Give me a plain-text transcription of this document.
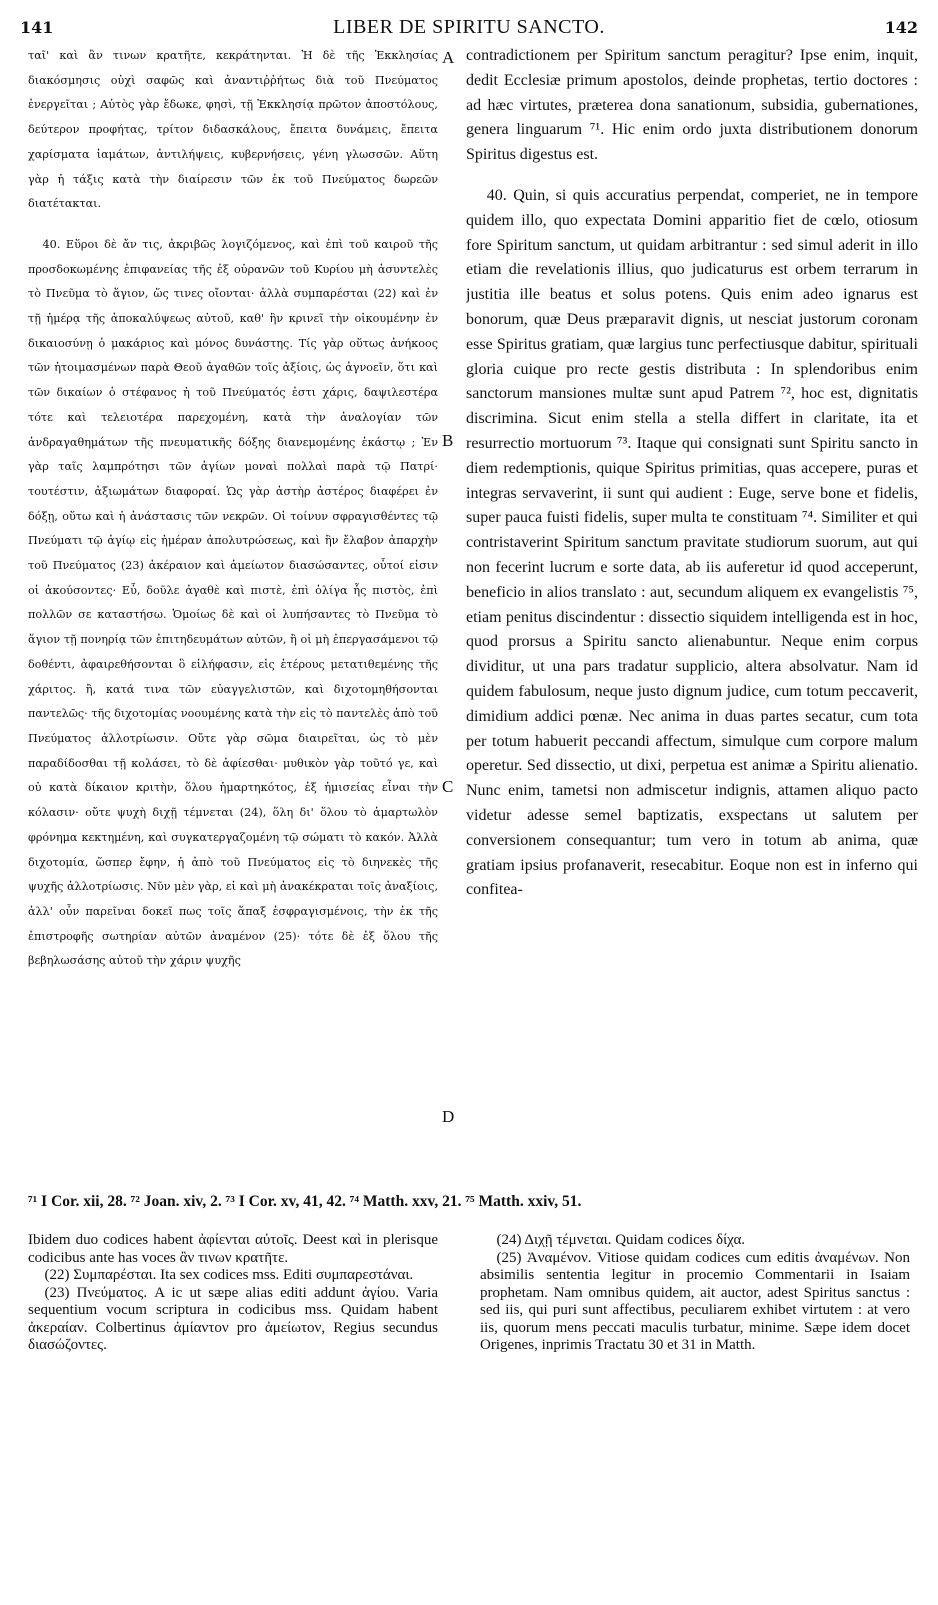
141	LIBER DE SPIRITU SANCTO.	142

ταῖ' καὶ ἂν τινων κρατῆτε, κεκράτηνται. Ἡ δὲ τῆς Ἐκκλησίας διακόσμησις οὐχὶ σαφῶς καὶ ἀναντιῤῥήτως διὰ τοῦ Πνεύματος ἐνεργεῖται ; Αὐτὸς γὰρ ἔδωκε, φησὶ, τῇ Ἐκκλησίᾳ πρῶτον ἀποστόλους, δεύτερον προφήτας, τρίτον διδασκάλους, ἔπειτα δυνάμεις, ἔπειτα χαρίσματα ἰαμάτων, ἀντιλήψεις, κυβερνήσεις, γένη γλωσσῶν. Αὕτη γὰρ ἡ τάξις κατὰ τὴν διαίρεσιν τῶν ἐκ τοῦ Πνεύματος δωρεῶν διατέτακται.

40. Εὕροι δὲ ἄν τις, ἀκριβῶς λογιζόμενος, καὶ ἐπὶ τοῦ καιροῦ τῆς προσδοκωμένης ἐπιφανείας τῆς ἐξ οὐρανῶν τοῦ Κυρίου μὴ ἀσυντελὲς τὸ Πνεῦμα τὸ ἅγιον, ὥς τινες οἴονται· ἀλλὰ συμπαρέσται (22) καὶ ἐν τῇ ἡμέρᾳ τῆς ἀποκαλύψεως αὐτοῦ, καθ' ἣν κρινεῖ τὴν οἰκουμένην ἐν δικαιοσύνῃ ὁ μακάριος καὶ μόνος δυνάστης. Τίς γὰρ οὕτως ἀνήκοος τῶν ἡτοιμασμένων παρὰ Θεοῦ ἀγαθῶν τοῖς ἀξίοις, ὡς ἀγνοεῖν, ὅτι καὶ τῶν δικαίων ὁ στέφανος ἡ τοῦ Πνεύματός ἐστι χάρις, δαψιλεστέρα τότε καὶ τελειοτέρα παρεχομένη, κατὰ τὴν ἀναλογίαν τῶν ἀνδραγαθημάτων τῆς πνευματικῆς δόξης διανεμομένης ἑκάστῳ ; Ἐν γὰρ ταῖς λαμπρότησι τῶν ἁγίων μοναὶ πολλαὶ παρὰ τῷ Πατρί· τουτέστιν, ἀξιωμάτων διαφοραί. Ὡς γὰρ ἀστὴρ ἀστέρος διαφέρει ἐν δόξῃ, οὕτω καὶ ἡ ἀνάστασις τῶν νεκρῶν. Οἱ τοίνυν σφραγισθέντες τῷ Πνεύματι τῷ ἁγίῳ εἰς ἡμέραν ἀπολυτρώσεως, καὶ ἣν ἔλαβον ἀπαρχὴν τοῦ Πνεύματος (23) ἀκέραιον καὶ ἀμείωτον διασώσαντες, οὗτοί εἰσιν οἱ ἀκούσοντες· Εὖ, δοῦλε ἀγαθὲ καὶ πιστὲ, ἐπὶ ὀλίγα ἧς πιστὸς, ἐπὶ πολλῶν σε καταστήσω. Ὁμοίως δὲ καὶ οἱ λυπήσαντες τὸ Πνεῦμα τὸ ἅγιον τῇ πονηρίᾳ τῶν ἐπιτηδευμάτων αὐτῶν, ἢ οἱ μὴ ἐπεργασάμενοι τῷ δοθέντι, ἀφαιρεθήσονται ὃ εἰλήφασιν, εἰς ἑτέρους μετατιθεμένης τῆς χάριτος. ἢ, κατά τινα τῶν εὐαγγελιστῶν, καὶ διχοτομηθήσονται παντελῶς· τῆς διχοτομίας νοουμένης κατὰ τὴν εἰς τὸ παντελὲς ἀπὸ τοῦ Πνεύματος ἀλλοτρίωσιν. Οὔτε γὰρ σῶμα διαιρεῖται, ὡς τὸ μὲν παραδίδοσθαι τῇ κολάσει, τὸ δὲ ἀφίεσθαι· μυθικὸν γὰρ τοῦτό γε, καὶ οὐ κατὰ δίκαιον κριτὴν, ὅλου ἡμαρτηκότος, ἐξ ἡμισείας εἶναι τὴν κόλασιν· οὔτε ψυχὴ διχῇ τέμνεται (24), ὅλη δι' ὅλου τὸ ἁμαρτωλὸν φρόνημα κεκτημένη, καὶ συγκατεργαζομένη τῷ σώματι τὸ κακόν. Ἀλλὰ διχοτομία, ὥσπερ ἔφην, ἡ ἀπὸ τοῦ Πνεύματος εἰς τὸ διηνεκὲς τῆς ψυχῆς ἀλλοτρίωσις. Νῦν μὲν γὰρ, εἰ καὶ μὴ ἀνακέκραται τοῖς ἀναξίοις, ἀλλ' οὖν παρεῖναι δοκεῖ πως τοῖς ἅπαξ ἐσφραγισμένοις, τὴν ἐκ τῆς ἐπιστροφῆς σωτηρίαν αὐτῶν ἀναμένον (25)· τότε δὲ ἐξ ὅλου τῆς βεβηλωσάσης αὐτοῦ τὴν χάριν ψυχῆς

A
B
C
D

contradictionem per Spiritum sanctum peragitur? Ipse enim, inquit, dedit Ecclesiæ primum apostolos, deinde prophetas, tertio doctores : ad hæc virtutes, præterea dona sanationum, subsidia, gubernationes, genera linguarum ⁷¹. Hic enim ordo juxta distributionem donorum Spiritus digestus est.

40. Quin, si quis accuratius perpendat, comperiet, ne in tempore quidem illo, quo expectata Domini apparitio fiet de cœlo, otiosum fore Spiritum sanctum, ut quidam arbitrantur : sed simul aderit in illo etiam die revelationis illius, quo judicaturus est orbem terrarum in justitia ille beatus et solus potens. Quis enim adeo ignarus est bonorum, quæ Deus præparavit dignis, ut nesciat justorum coronam esse Spiritus gratiam, quæ largius tunc perfectiusque dabitur, spirituali gloria cuique pro recte gestis distributa : In splendoribus enim sanctorum mansiones multæ sunt apud Patrem ⁷², hoc est, dignitatis discrimina. Sicut enim stella a stella differt in claritate, ita et resurrectio mortuorum ⁷³. Itaque qui consignati sunt Spiritu sancto in diem redemptionis, quique Spiritus primitias, quas accepere, puras et integras servaverint, ii sunt qui audient : Euge, serve bone et fidelis, super pauca fuisti fidelis, super multa te constituam ⁷⁴. Similiter et qui contristaverint Spiritum sanctum pravitate studiorum suorum, aut qui non fecerint lucrum e sorte data, ab iis auferetur id quod acceperunt, beneficio in alios translato : aut, secundum aliquem ex evangelistis ⁷⁵, etiam penitus discindentur : dissectio siquidem intelligenda est in hoc, quod prorsus a Spiritu sancto alienabuntur. Neque enim corpus dividitur, ut una pars tradatur supplicio, altera absolvatur. Nam id quidem fabulosum, neque justo dignum judice, cum totum peccaverit, dimidium addici pœnæ. Nec anima in duas partes secatur, cum tota per totum habuerit peccandi affectum, simulque cum corpore malum operetur. Sed dissectio, ut dixi, perpetua est animæ a Spiritu alienatio. Nunc enim, tametsi non admiscetur indignis, attamen aliquo pacto videtur adesse semel baptizatis, exspectans ut salutem per conversionem consequantur; tum vero in totum ab anima, quæ gratiam ipsius profanaverit, resecabitur. Eoque non est in inferno qui confitea-

⁷¹ I Cor. xii, 28. ⁷² Joan. xiv, 2. ⁷³ I Cor. xv, 41, 42. ⁷⁴ Matth. xxv, 21. ⁷⁵ Matth. xxiv, 51.

Ibidem duo codices habent ἀφίενται αὐτοῖς. Deest καὶ in plerisque codicibus ante has voces ἂν τινων κρατῆτε.

(22) Συμπαρέσται. Ita sex codices mss. Editi συμπαρεστάναι.

(23) Πνεύματος. A ic ut sæpe alias editi addunt ἁγίου. Varia sequentium vocum scriptura in codicibus mss. Quidam habent ἀκεραίαν. Colbertinus ἀμίαντον pro ἀμείωτον, Regius secundus διασώζοντες.

(24) Διχῇ τέμνεται. Quidam codices δίχα.

(25) Ἀναμένον. Vitiose quidam codices cum editis ἀναμένων. Non absimilis sententia legitur in procemio Commentarii in Isaiam prophetam. Nam omnibus quidem, ait auctor, adest Spiritus sanctus : sed iis, qui puri sunt affectibus, peculiarem exhibet virtutem : at vero iis, quorum mens peccati maculis turbatur, minime. Sæpe idem docet Origenes, inprimis Tractatu 30 et 31 in Matth.
